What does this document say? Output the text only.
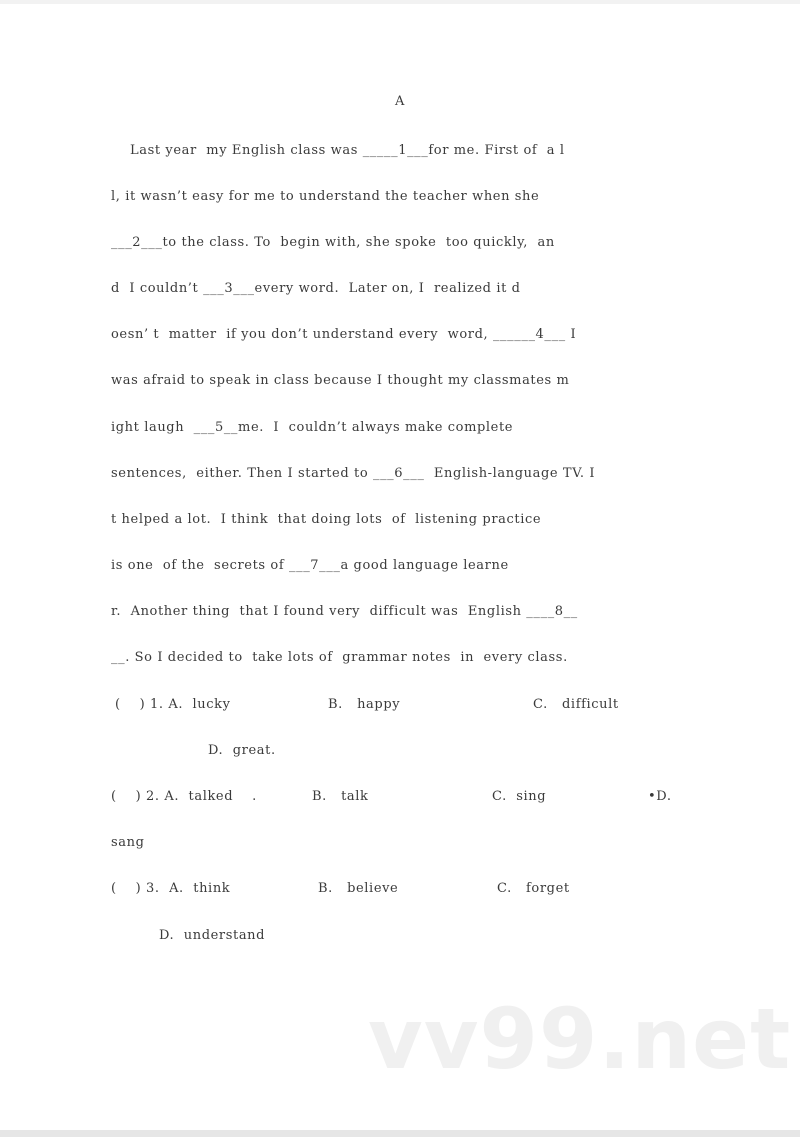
A
Last year  my English class was _____1___for me. First of  a l
l, it wasn’t easy for me to understand the teacher when she
___2___to the class. To  begin with, she spoke  too quickly,  an
d  I couldn’t ___3___every word.  Later on, I  realized it d
oesn’ t  matter  if you don’t understand every  word, ______4___ I
was afraid to speak in class because I thought my classmates m
ight laugh  ___5__me.  I  couldn’t always make complete
sentences,  either. Then I started to ___6___  English-language TV. I
t helped a lot.  I think  that doing lots  of  listening practice
is one  of the  secrets of ___7___a good language learne
r.  Another thing  that I found very  difficult was  English ____8__
__. So I decided to  take lots of  grammar notes  in  every class.
(    ) 1. A.  lucky	B.   happy	C.   difficult
D.  great.
(    ) 2. A.  talked    .	B.   talk	C.  sing	•D.
sang
(    ) 3.  A.  think	B.   believe	C.   forget
D.  understand
vv99.net
